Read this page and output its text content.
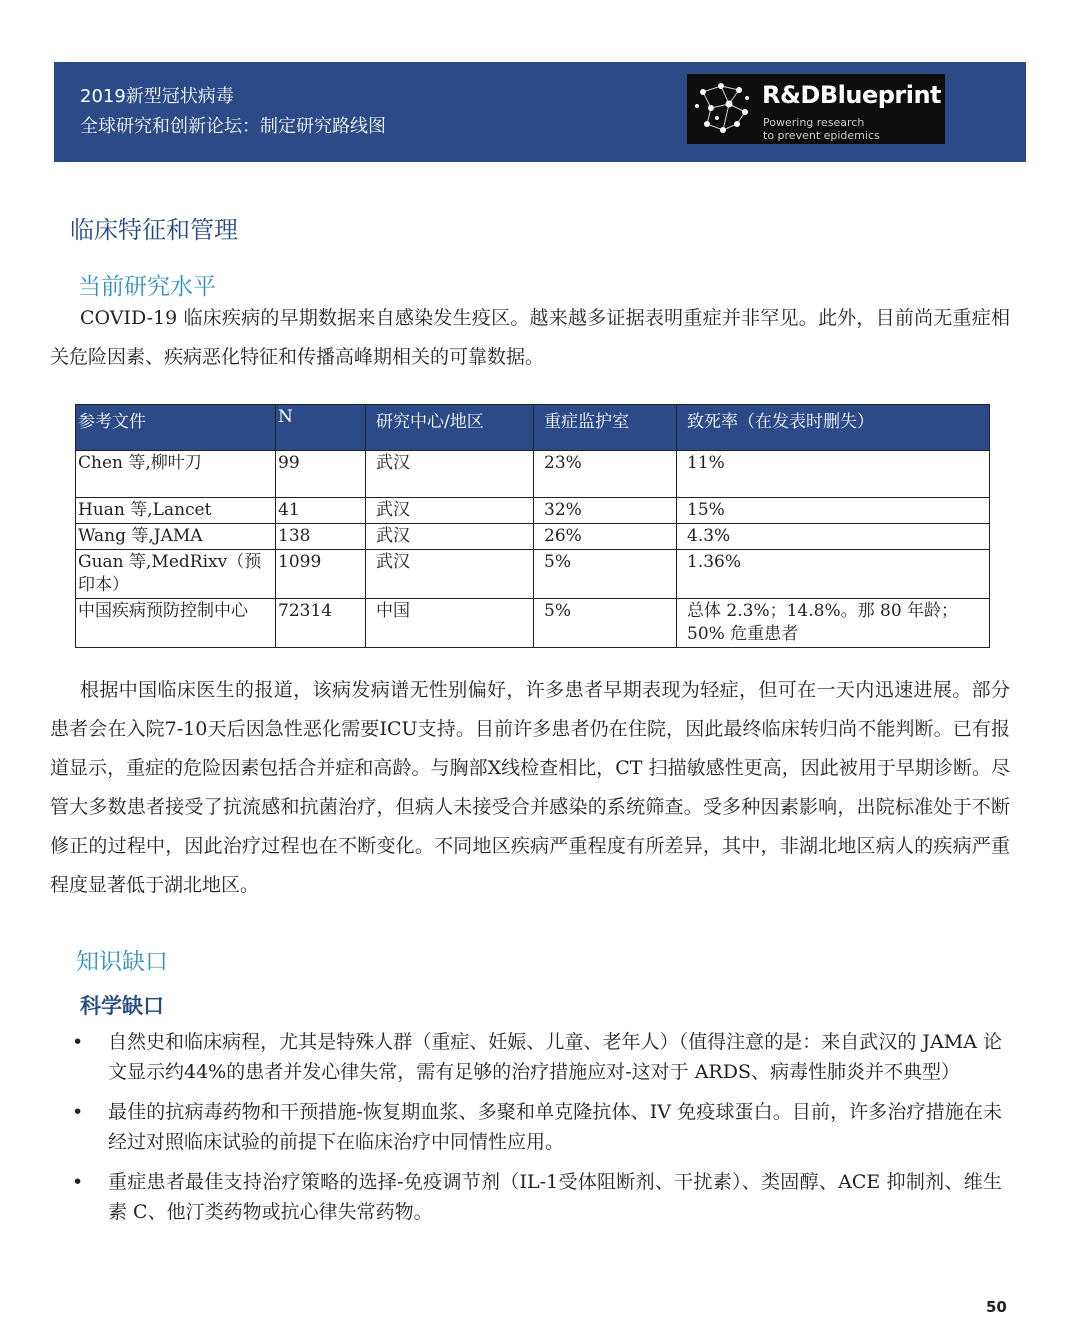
2019新型冠状病毒
全球研究和创新论坛：制定研究路线图
R&DBlueprint
Powering research
to prevent epidemics
临床特征和管理
当前研究水平
COVID-19 临床疾病的早期数据来自感染发生疫区。越来越多证据表明重症并非罕见。此外，目前尚无重症相关危险因素、疾病恶化特征和传播高峰期相关的可靠数据。
参考文件	N	研究中心/地区	重症监护室	致死率（在发表时删失）
Chen 等,柳叶刀	99	武汉	23%	11%
Huan 等,Lancet	41	武汉	32%	15%
Wang 等,JAMA	138	武汉	26%	4.3%
Guan 等,MedRixv（预印本）	1099	武汉	5%	1.36%
中国疾病预防控制中心	72314	中国	5%	总体 2.3%；14.8%。那 80 年龄；50% 危重患者
根据中国临床医生的报道，该病发病谱无性别偏好，许多患者早期表现为轻症，但可在一天内迅速进展。部分患者会在入院7-10天后因急性恶化需要ICU支持。目前许多患者仍在住院，因此最终临床转归尚不能判断。已有报道显示，重症的危险因素包括合并症和高龄。与胸部X线检查相比，CT 扫描敏感性更高，因此被用于早期诊断。尽管大多数患者接受了抗流感和抗菌治疗，但病人未接受合并感染的系统筛查。受多种因素影响，出院标准处于不断修正的过程中，因此治疗过程也在不断变化。不同地区疾病严重程度有所差异，其中，非湖北地区病人的疾病严重程度显著低于湖北地区。
知识缺口
科学缺口
• 自然史和临床病程，尤其是特殊人群（重症、妊娠、儿童、老年人）（值得注意的是：来自武汉的 JAMA 论文显示约44%的患者并发心律失常，需有足够的治疗措施应对-这对于 ARDS、病毒性肺炎并不典型）
• 最佳的抗病毒药物和干预措施-恢复期血浆、多聚和单克隆抗体、IV 免疫球蛋白。目前，许多治疗措施在未经过对照临床试验的前提下在临床治疗中同情性应用。
• 重症患者最佳支持治疗策略的选择-免疫调节剂（IL-1受体阻断剂、干扰素）、类固醇、ACE 抑制剂、维生素 C、他汀类药物或抗心律失常药物。
50
